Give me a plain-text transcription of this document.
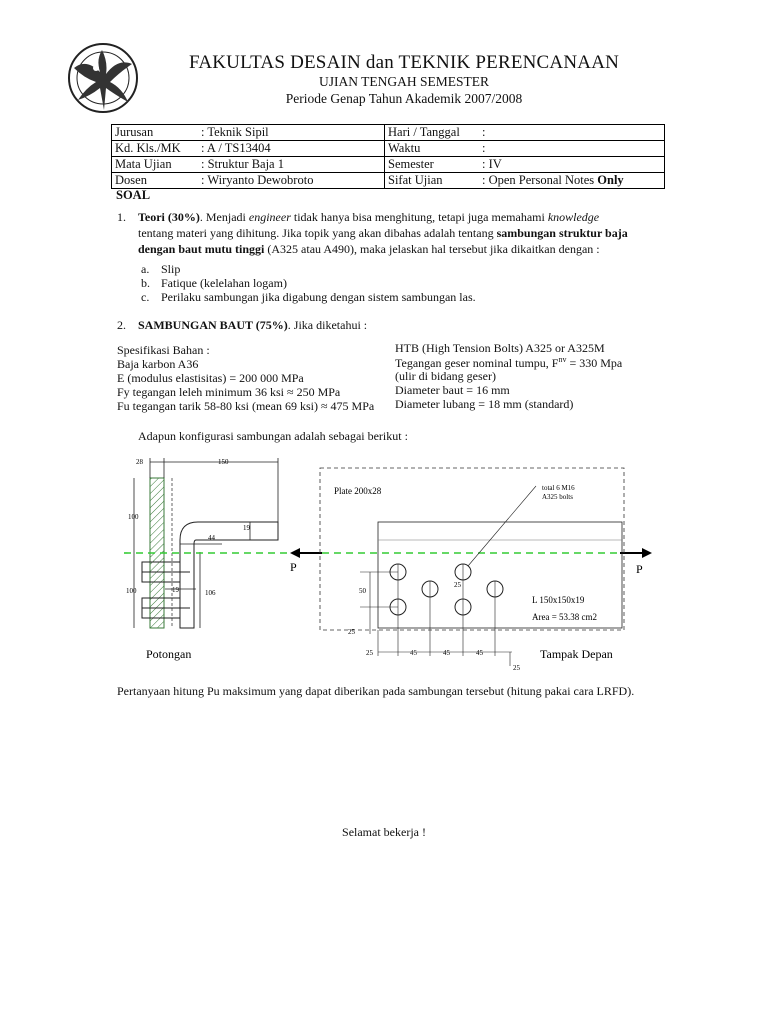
FAKULTAS DESAIN dan TEKNIK PERENCANAAN
UJIAN TENGAH SEMESTER
Periode Genap Tahun Akademik 2007/2008
Jurusan	: Teknik Sipil	Hari / Tanggal	:
Kd. Kls./MK	: A / TS13404	Waktu	:
Mata Ujian	: Struktur Baja 1	Semester	: IV
Dosen	: Wiryanto Dewobroto	Sifat Ujian	: Open Personal Notes Only
SOAL
1. Teori (30%). Menjadi engineer tidak hanya bisa menghitung, tetapi juga memahami knowledge tentang materi yang dihitung. Jika topik yang akan dibahas adalah tentang sambungan struktur baja dengan baut mutu tinggi (A325 atau A490), maka jelaskan hal tersebut jika dikaitkan dengan :
a. Slip
b. Fatique (kelelahan logam)
c. Perilaku sambungan jika digabung dengan sistem sambungan las.
2. SAMBUNGAN BAUT (75%). Jika diketahui :
Spesifikasi Bahan :
Baja karbon A36
E (modulus elastisitas) = 200 000 MPa
Fy tegangan leleh minimum 36 ksi ≈ 250 MPa
Fu tegangan tarik 58-80 ksi (mean 69 ksi) ≈ 475 MPa
HTB (High Tension Bolts) A325 or A325M
Tegangan geser nominal tumpu, $F^{nv} = 330$ Mpa
(ulir di bidang geser)
Diameter baut = 16 mm
Diameter lubang = 18 mm (standard)
Adapun konfigurasi sambungan adalah sebagai berikut :
28	150
100
19
44
100	19	106
P	P
Plate 200x28	total 6 M16
A325 bolts
L 150x150x19
Area = 53.38 cm2
50
25
25
25	45	45	45
25
Potongan	Tampak Depan
Pertanyaan hitung Pu maksimum yang dapat diberikan pada sambungan tersebut (hitung pakai cara LRFD).
Selamat bekerja !
